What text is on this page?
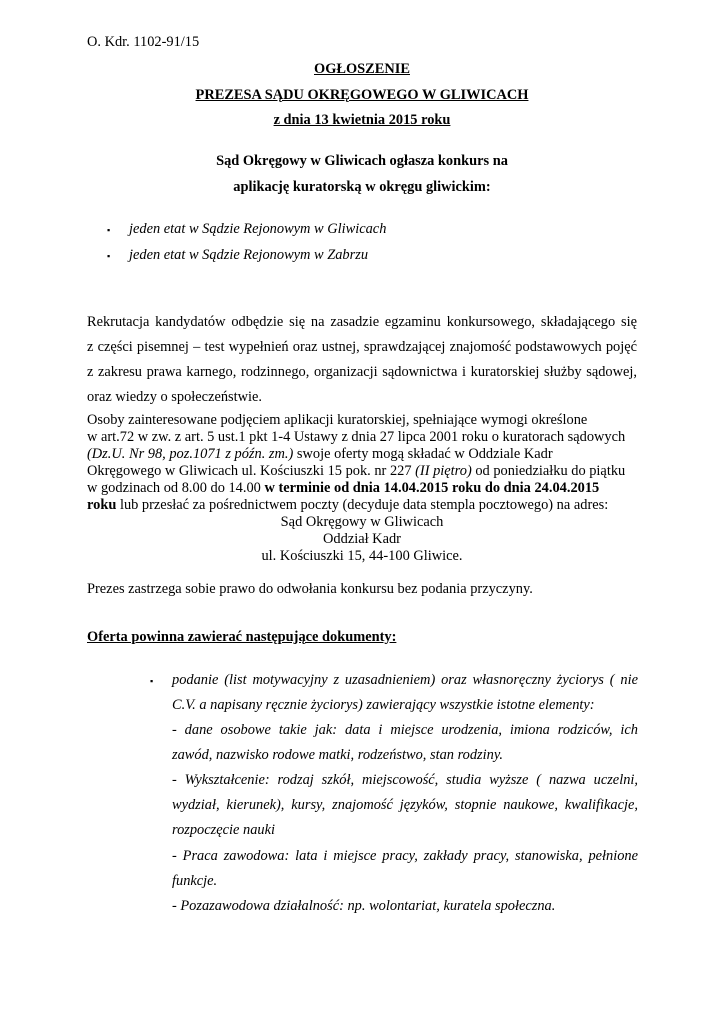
O. Kdr. 1102-91/15

OGŁOSZENIE

PREZESA SĄDU OKRĘGOWEGO W GLIWICACH

z dnia 13 kwietnia 2015 roku

Sąd Okręgowy w Gliwicach ogłasza konkurs na

aplikację kuratorską w okręgu gliwickim:

▪ jeden etat w Sądzie Rejonowym w Gliwicach

▪ jeden etat w Sądzie Rejonowym w Zabrzu

Rekrutacja kandydatów odbędzie się na zasadzie egzaminu konkursowego, składającego się

z części pisemnej – test wypełnień oraz ustnej, sprawdzającej znajomość podstawowych pojęć

z zakresu prawa karnego, rodzinnego, organizacji sądownictwa i kuratorskiej służby sądowej,

oraz wiedzy o społeczeństwie.

Osoby zainteresowane podjęciem aplikacji kuratorskiej, spełniające wymogi określone

w art.72 w zw. z art. 5 ust.1 pkt 1-4 Ustawy z dnia 27 lipca 2001 roku o kuratorach sądowych

(Dz.U. Nr 98, poz.1071 z późn. zm.) swoje oferty mogą składać w Oddziale Kadr

Okręgowego w Gliwicach ul. Kościuszki 15 pok. nr 227 (II piętro) od poniedziałku do piątku

w godzinach od 8.00 do 14.00 w terminie od dnia 14.04.2015 roku do dnia 24.04.2015

roku lub przesłać za pośrednictwem poczty (decyduje data stempla pocztowego) na adres:

Sąd Okręgowy w Gliwicach

Oddział Kadr

ul. Kościuszki 15, 44-100 Gliwice.

Prezes zastrzega sobie prawo do odwołania konkursu bez podania przyczyny.

Oferta powinna zawierać następujące dokumenty:

▪ podanie (list motywacyjny z uzasadnieniem) oraz własnoręczny życiorys ( nie

C.V. a napisany ręcznie życiorys) zawierający wszystkie istotne elementy:

- dane osobowe takie jak: data i miejsce urodzenia, imiona rodziców, ich

zawód, nazwisko rodowe matki, rodzeństwo, stan rodziny.

- Wykształcenie: rodzaj szkół, miejscowość, studia wyższe ( nazwa uczelni,

wydział, kierunek), kursy, znajomość języków, stopnie naukowe, kwalifikacje,

rozpoczęcie nauki

- Praca zawodowa: lata i miejsce pracy, zakłady pracy, stanowiska, pełnione

funkcje.

- Pozazawodowa działalność: np. wolontariat, kuratela społeczna.
